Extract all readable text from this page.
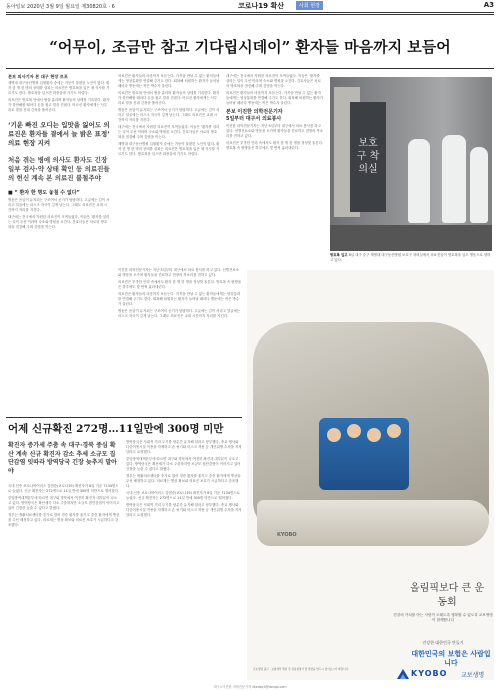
동아일보 2020년 3월 9일 월요일 제30820호 · 6	코로나19 확산	사회 현장	A3
“어무이, 조금만 참고 기다립시데이” 환자들 마음까지 보듬어
본보 의사기자 본 대구 현장 르포

계명대 대구동산병원 입원환자 중에는 거동이 불편한 노인이 많다. 환자 한 명 한 명의 상태를 살피는 의료진은 방호복을 입은 채 식사를 거르기도 한다. 방호복을 입으면 화장실에 가기도 어렵다.

의료진은 방호복 안에서 땀을 흘리며 환자들의 상태를 기록한다. 환자가 불안해할 때마다 손을 잡고 말을 건넨다. 어르신 환자에게는 사투리로 말을 건네 긴장을 풀어준다.

‘기운 빠진 오디는 입맛을 잃어도 의료진은 환자들 곁에서 늘 밝은 표정’ 의료 현장 지켜
처음 겪는 병에 의사도 환자도 긴장 일부 검사·약 상태 확인 등 의료진들의 헌신 계속 본 의료진 불철주야
■ “ 환자 한 명도 놓칠 수 없다”

병동은 음압이 유지되는 구조여서 공기가 답답하다. 고글에는 김이 서리고 얼굴에는 마스크 자국이 깊게 남는다. 그래도 의료진은 교대 시간까지 자리를 지킨다.

대구에는 전국에서 자원한 의료진이 모여들었다. 이들은 ‘환자를 살리는 일이 우선’이라며 숙소와 병원을 오간다. 간호사들은 서로의 방호복을 점검해 주며 감염을 막는다.

의료진은 환자들의 마음까지 보듬는다. 가족을 만날 수 없는 환자들에게는 영상통화를 연결해 주기도 한다. 회복해 퇴원하는 환자가 늘어날 때마다 병동에는 작은 박수가 울린다.

의료진은 방호복 안에서 땀을 흘리며 환자들의 상태를 기록한다. 환자가 불안해할 때마다 손을 잡고 말을 건넨다. 어르신 환자에게는 사투리로 말을 건네 긴장을 풀어준다.

병동은 음압이 유지되는 구조여서 공기가 답답하다. 고글에는 김이 서리고 얼굴에는 마스크 자국이 깊게 남는다. 그래도 의료진은 교대 시간까지 자리를 지킨다.

대구에는 전국에서 자원한 의료진이 모여들었다. 이들은 ‘환자를 살리는 일이 우선’이라며 숙소와 병원을 오간다. 간호사들은 서로의 방호복을 점검해 주며 감염을 막는다.

계명대 대구동산병원 입원환자 중에는 거동이 불편한 노인이 많다. 환자 한 명 한 명의 상태를 살피는 의료진은 방호복을 입은 채 식사를 거르기도 한다. 방호복을 입으면 화장실에 가기도 어렵다.

대구에는 전국에서 자원한 의료진이 모여들었다. 이들은 ‘환자를 살리는 일이 우선’이라며 숙소와 병원을 오간다. 간호사들은 서로의 방호복을 점검해 주며 감염을 막는다.

의료진은 환자들의 마음까지 보듬는다. 가족을 만날 수 없는 환자들에게는 영상통화를 연결해 주기도 한다. 회복해 퇴원하는 환자가 늘어날 때마다 병동에는 작은 박수가 울린다.

본보 이진한 의학전문기자
5일부터 대구서 의료봉사

이진한 의학전문기자는 지난 5일부터 대구에서 의료 봉사를 하고 있다. 선별진료소와 병동을 오가며 환자들을 진료하고 현장의 목소리를 전하고 있다.

의료진은 부족한 인력 속에서도 환자 한 명 한 명을 정성껏 돌본다. 방호복 속 땀방울은 하루에도 몇 번씩 흘러내린다.	보호구 착의실
방호복 입고 8일 대구 중구 계명대 대구동산병원 보호구 착의실에서 의료진들이 방호복을 입고 병동으로 향하고 있다.

이진한 의학전문기자는 지난 5일부터 대구에서 의료 봉사를 하고 있다. 선별진료소와 병동을 오가며 환자들을 진료하고 현장의 목소리를 전하고 있다.

의료진은 부족한 인력 속에서도 환자 한 명 한 명을 정성껏 돌본다. 방호복 속 땀방울은 하루에도 몇 번씩 흘러내린다.

의료진은 환자들의 마음까지 보듬는다. 가족을 만날 수 없는 환자들에게는 영상통화를 연결해 주기도 한다. 회복해 퇴원하는 환자가 늘어날 때마다 병동에는 작은 박수가 울린다.

병동은 음압이 유지되는 구조여서 공기가 답답하다. 고글에는 김이 서리고 얼굴에는 마스크 자국이 깊게 남는다. 그래도 의료진은 교대 시간까지 자리를 지킨다.

어제 신규확진 272명…11일만에 300명 미만
확진자 증가세 주춤 속 대구·경북 중심 확산 계속 신규 확진자 감소 추세 소규모 집단감염 잇따라 방역당국 긴장 늦추지 말아야

국내 신종 코로나바이러스 감염증(코로나19) 확진자가 8일 기준 7134명으로 늘었다. 신규 확진자는 272명으로 11일 만에 300명 미만으로 떨어졌다.

중앙방역대책본부에 따르면 대구와 경북에서 여전히 확진자 대부분이 나오고 있다. 방역당국은 확산세가 다소 주춤하지만 소규모 집단감염이 이어지고 있어 긴장을 늦출 수 없다고 밝혔다.

정부는 생활치료센터를 추가로 열어 경증 환자를 옮기고 중증 환자에게 병상을 우선 배정하고 있다. 의료계는 병상 확보와 의료진 보호가 시급하다고 강조했다.

방역당국은 사회적 거리 두기를 당분간 유지해 달라고 당부했다. 종교 행사와 다중이용시설 이용을 자제하고 손 씻기와 마스크 착용 등 개인위생 수칙을 지켜달라고 요청했다.

중앙방역대책본부에 따르면 대구와 경북에서 여전히 확진자 대부분이 나오고 있다. 방역당국은 확산세가 다소 주춤하지만 소규모 집단감염이 이어지고 있어 긴장을 늦출 수 없다고 밝혔다.

정부는 생활치료센터를 추가로 열어 경증 환자를 옮기고 중증 환자에게 병상을 우선 배정하고 있다. 의료계는 병상 확보와 의료진 보호가 시급하다고 강조했다.

국내 신종 코로나바이러스 감염증(코로나19) 확진자가 8일 기준 7134명으로 늘었다. 신규 확진자는 272명으로 11일 만에 300명 미만으로 떨어졌다.

방역당국은 사회적 거리 두기를 당분간 유지해 달라고 당부했다. 종교 행사와 다중이용시설 이용을 자제하고 손 씻기와 마스크 착용 등 개인위생 수칙을 지켜달라고 요청했다.

KYOBO
올림픽보다 큰 운동회
건강의 가치를 아는 사람이 오래도록 행복할 수 있도록 교보생명이 함께합니다
건강한 대한민국 만들기
대한민국의 보험은 사람입니다
KYOBO 교보생명
교보생명 광고 · 보험계약 체결 전 상품설명서 및 약관을 반드시 읽어보시기 바랍니다.
대구=이진한 의학전문기자 likeday5@donga.com
